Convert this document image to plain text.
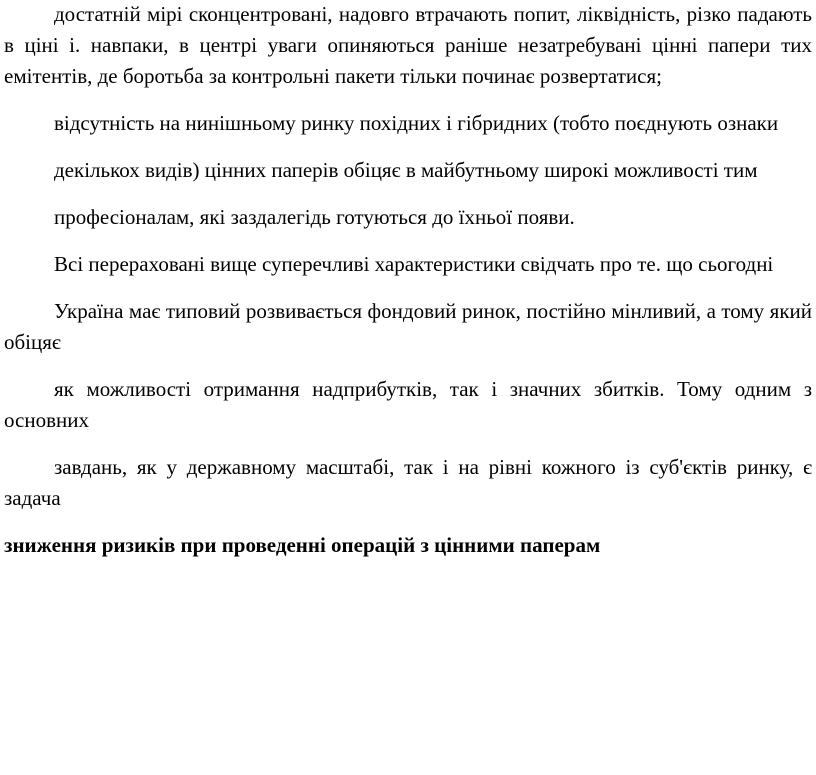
достатній мірі сконцентровані, надовго втрачають попит, ліквідність, різко падають в ціні і. навпаки, в центрі уваги опиняються раніше незатребувані цінні папери тих емітентів, де боротьба за контрольні пакети тільки починає розвертатися;

відсутність на нинішньому ринку похідних і гібридних (тобто поєднують ознаки

декількох видів) цінних паперів обіцяє в майбутньому широкі можливості тим

професіоналам, які заздалегідь готуються до їхньої появи.

Всі перераховані вище суперечливі характеристики свідчать про те. що сьогодні

Україна має типовий розвивається фондовий ринок, постійно мінливий, а тому який обіцяє

як можливості отримання надприбутків, так і значних збитків. Тому одним з основних

завдань, як у державному масштабі, так і на рівні кожного із суб'єктів ринку, є задача

зниження ризиків при проведенні операцій з цінними паперам
